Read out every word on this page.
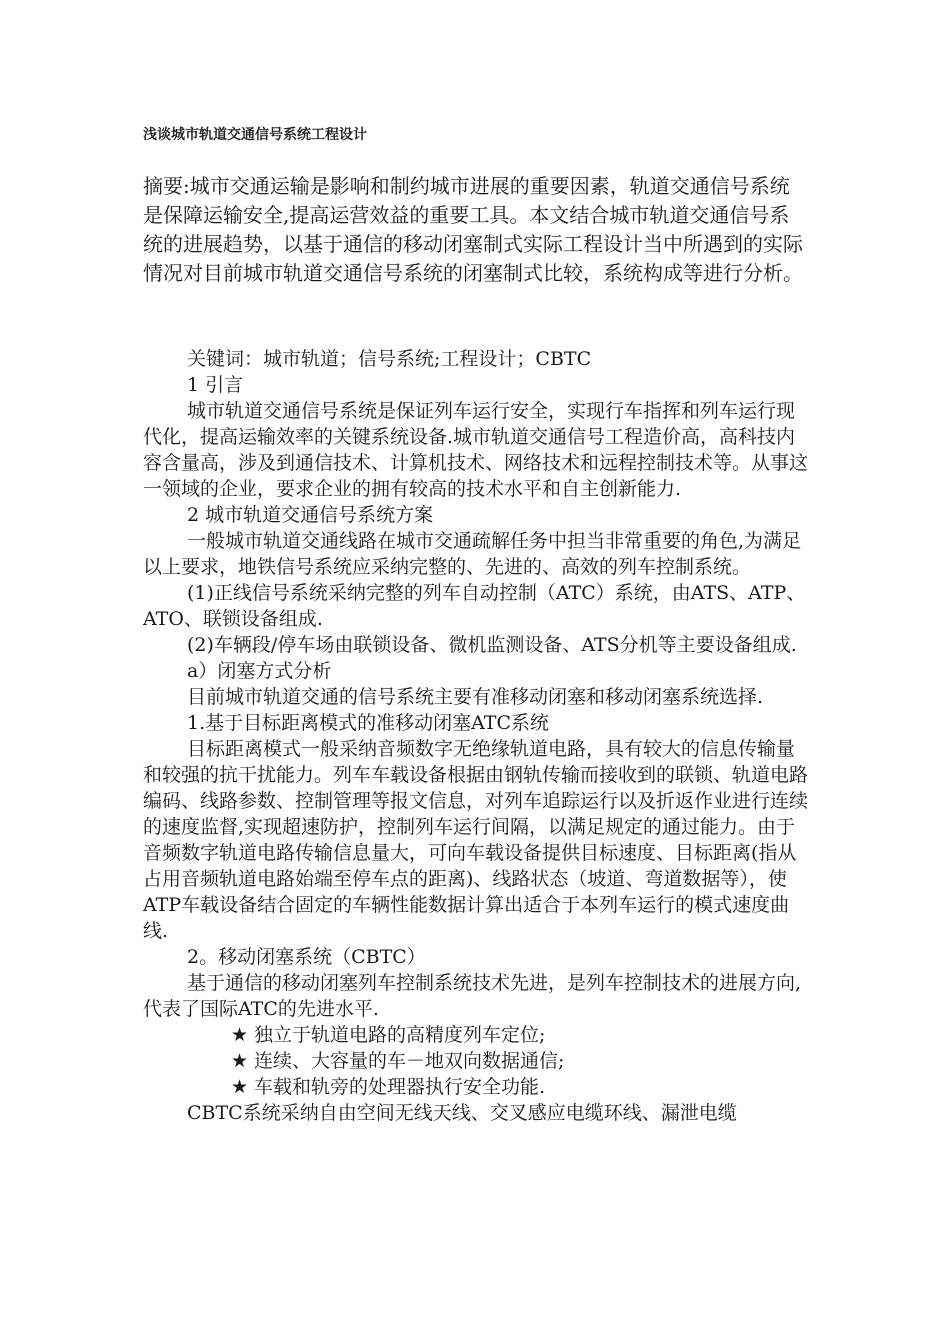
浅谈城市轨道交通信号系统工程设计

摘要:城市交通运输是影响和制约城市进展的重要因素，轨道交通信号系统是保障运输安全,提高运营效益的重要工具。本文结合城市轨道交通信号系统的进展趋势，以基于通信的移动闭塞制式实际工程设计当中所遇到的实际情况对目前城市轨道交通信号系统的闭塞制式比较，系统构成等进行分析。

关键词：城市轨道；信号系统;工程设计；CBTC

1 引言

城市轨道交通信号系统是保证列车运行安全，实现行车指挥和列车运行现代化，提高运输效率的关键系统设备.城市轨道交通信号工程造价高，高科技内容含量高，涉及到通信技术、计算机技术、网络技术和远程控制技术等。从事这一领域的企业，要求企业的拥有较高的技术水平和自主创新能力.

2 城市轨道交通信号系统方案

一般城市轨道交通线路在城市交通疏解任务中担当非常重要的角色,为满足以上要求，地铁信号系统应采纳完整的、先进的、高效的列车控制系统。

(1)正线信号系统采纳完整的列车自动控制（ATC）系统，由ATS、ATP、ATO、联锁设备组成.

(2)车辆段/停车场由联锁设备、微机监测设备、ATS分机等主要设备组成.

a）闭塞方式分析

目前城市轨道交通的信号系统主要有准移动闭塞和移动闭塞系统选择.

1.基于目标距离模式的准移动闭塞ATC系统

目标距离模式一般采纳音频数字无绝缘轨道电路，具有较大的信息传输量和较强的抗干扰能力。列车车载设备根据由钢轨传输而接收到的联锁、轨道电路编码、线路参数、控制管理等报文信息，对列车追踪运行以及折返作业进行连续的速度监督,实现超速防护，控制列车运行间隔，以满足规定的通过能力。由于音频数字轨道电路传输信息量大，可向车载设备提供目标速度、目标距离(指从占用音频轨道电路始端至停车点的距离)、线路状态（坡道、弯道数据等），使ATP车载设备结合固定的车辆性能数据计算出适合于本列车运行的模式速度曲线.

2。移动闭塞系统（CBTC）

基于通信的移动闭塞列车控制系统技术先进，是列车控制技术的进展方向,代表了国际ATC的先进水平.

★ 独立于轨道电路的高精度列车定位;

★ 连续、大容量的车－地双向数据通信;

★ 车载和轨旁的处理器执行安全功能.

CBTC系统采纳自由空间无线天线、交叉感应电缆环线、漏泄电缆
